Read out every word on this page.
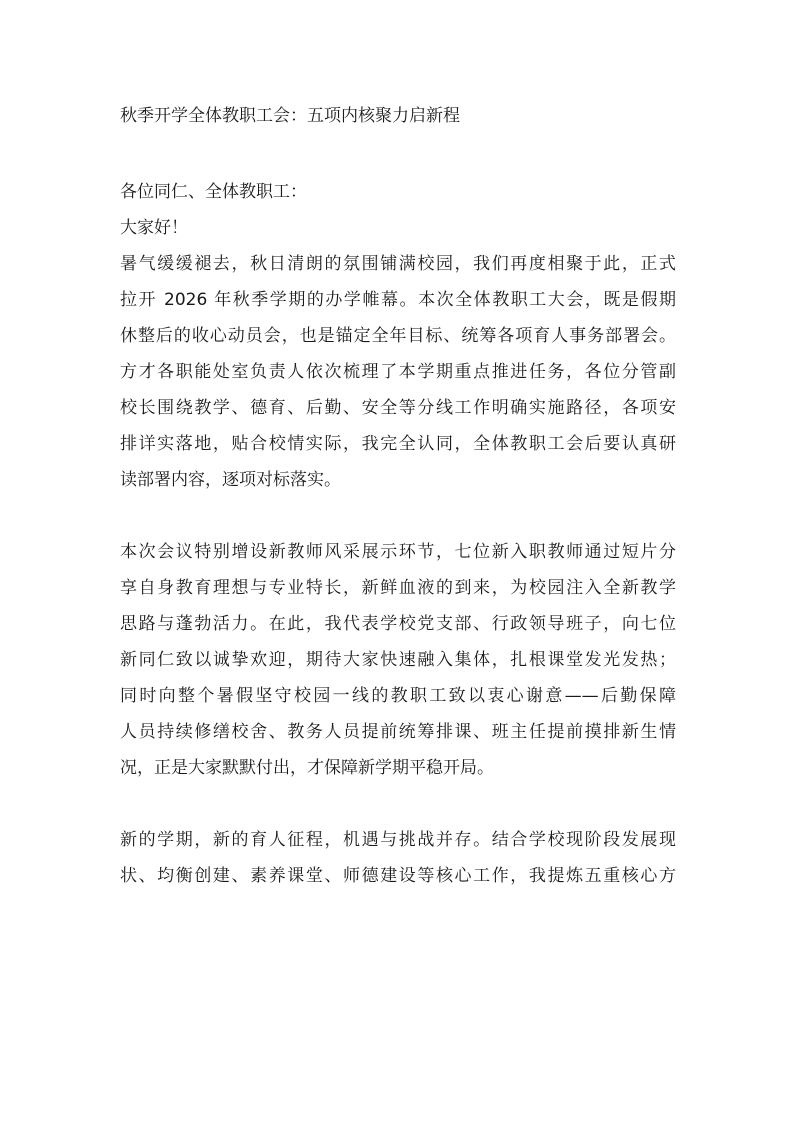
秋季开学全体教职工会：五项内核聚力启新程
各位同仁、全体教职工：
大家好！
暑气缓缓褪去，秋日清朗的氛围铺满校园，我们再度相聚于此，正式
拉开 2026 年秋季学期的办学帷幕。本次全体教职工大会，既是假期
休整后的收心动员会，也是锚定全年目标、统筹各项育人事务部署会。
方才各职能处室负责人依次梳理了本学期重点推进任务，各位分管副
校长围绕教学、德育、后勤、安全等分线工作明确实施路径，各项安
排详实落地，贴合校情实际，我完全认同，全体教职工会后要认真研
读部署内容，逐项对标落实。
本次会议特别增设新教师风采展示环节，七位新入职教师通过短片分
享自身教育理想与专业特长，新鲜血液的到来，为校园注入全新教学
思路与蓬勃活力。在此，我代表学校党支部、行政领导班子，向七位
新同仁致以诚挚欢迎，期待大家快速融入集体，扎根课堂发光发热；
同时向整个暑假坚守校园一线的教职工致以衷心谢意——后勤保障
人员持续修缮校舍、教务人员提前统筹排课、班主任提前摸排新生情
况，正是大家默默付出，才保障新学期平稳开局。
新的学期，新的育人征程，机遇与挑战并存。结合学校现阶段发展现
状、均衡创建、素养课堂、师德建设等核心工作，我提炼五重核心方
